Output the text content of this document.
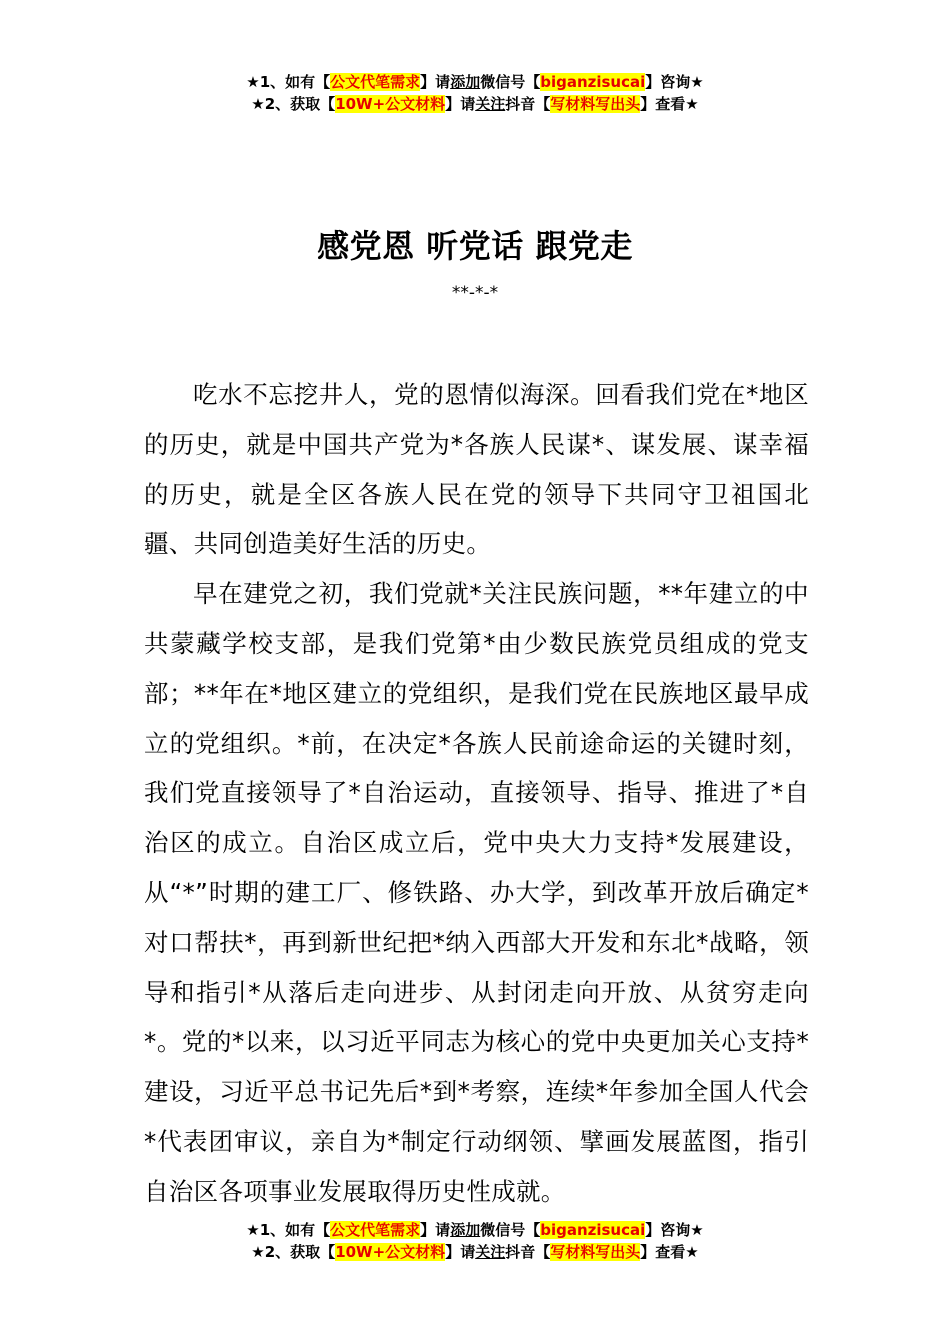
★1、如有【公文代笔需求】请添加微信号【biganzisucai】咨询★
★2、获取【10W+公文材料】请关注抖音【写材料写出头】查看★
感党恩 听党话 跟党走
**-*-*

吃水不忘挖井人，党的恩情似海深。回看我们党在*地区的历史，就是中国共产党为*各族人民谋*、谋发展、谋幸福的历史，就是全区各族人民在党的领导下共同守卫祖国北疆、共同创造美好生活的历史。

早在建党之初，我们党就*关注民族问题，**年建立的中共蒙藏学校支部，是我们党第*由少数民族党员组成的党支部；**年在*地区建立的党组织，是我们党在民族地区最早成立的党组织。*前，在决定*各族人民前途命运的关键时刻，我们党直接领导了*自治运动，直接领导、指导、推进了*自治区的成立。自治区成立后，党中央大力支持*发展建设，从“*”时期的建工厂、修铁路、办大学，到改革开放后确定*对口帮扶*，再到新世纪把*纳入西部大开发和东北*战略，领导和指引*从落后走向进步、从封闭走向开放、从贫穷走向*。党的*以来，以习近平同志为核心的党中央更加关心支持*建设，习近平总书记先后*到*考察，连续*年参加全国人代会*代表团审议，亲自为*制定行动纲领、擘画发展蓝图，指引自治区各项事业发展取得历史性成就。

★1、如有【公文代笔需求】请添加微信号【biganzisucai】咨询★
★2、获取【10W+公文材料】请关注抖音【写材料写出头】查看★
